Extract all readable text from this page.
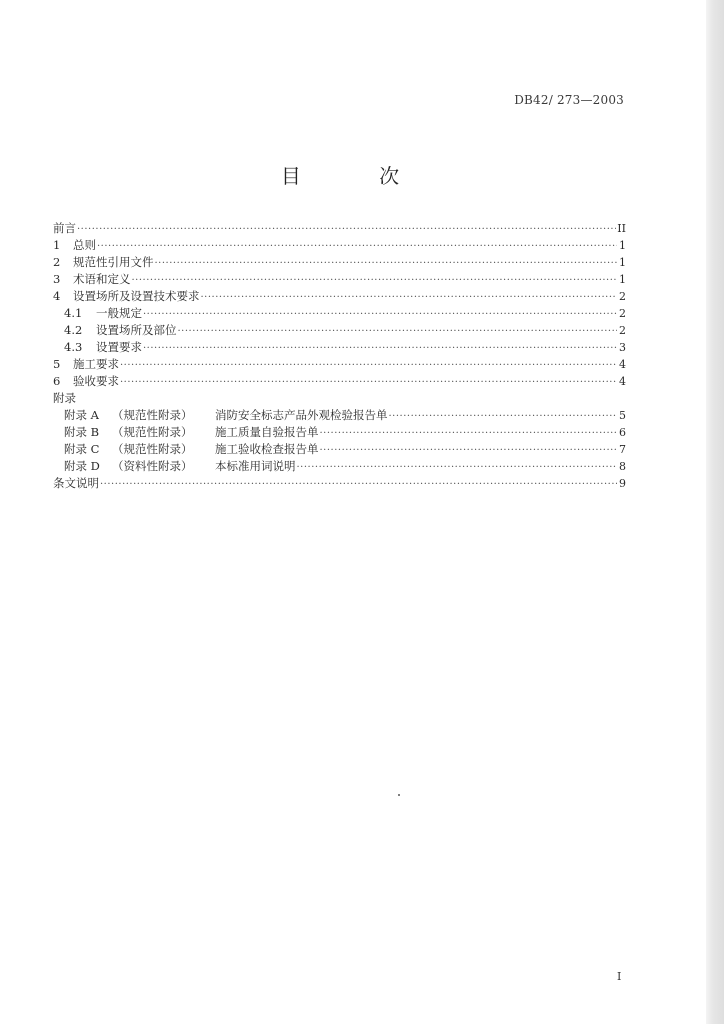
DB42/ 273—2003
目 次
前言 ·····	II
1 总则 ·····	1
2 规范性引用文件 ·····	1
3 术语和定义 ·····	1
4 设置场所及设置技术要求 ·····	2
4.1 一般规定 ·····	2
4.2 设置场所及部位 ·····	2
4.3 设置要求 ·····	3
5 施工要求 ·····	4
6 验收要求 ·····	4
附录
附录 A （规范性附录） 消防安全标志产品外观检验报告单 ·····	5
附录 B （规范性附录） 施工质量自验报告单 ·····	6
附录 C （规范性附录） 施工验收检查报告单 ·····	7
附录 D （资料性附录） 本标准用词说明 ·····	8
条文说明 ·····	9
I
